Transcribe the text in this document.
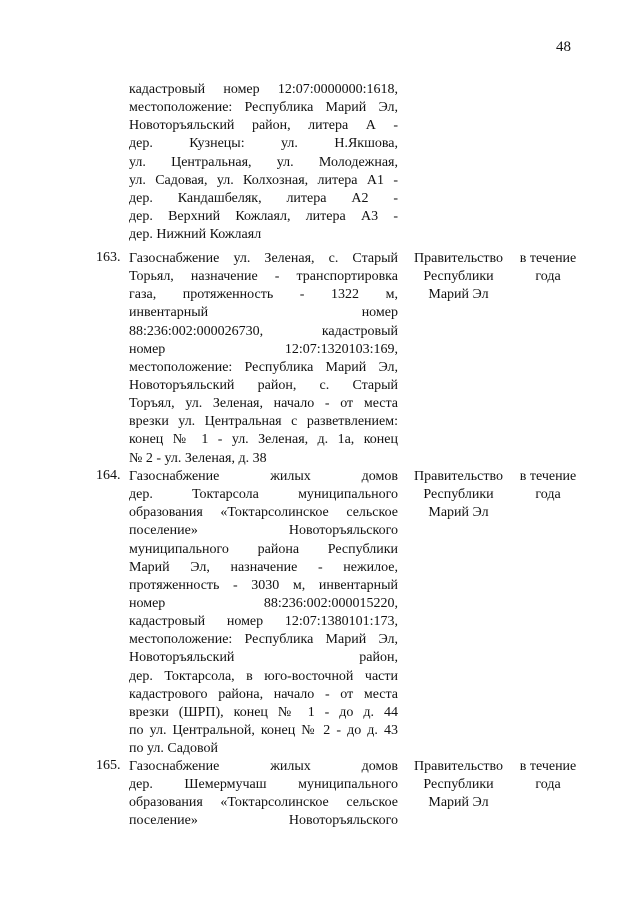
48
кадастровый номер 12:07:0000000:1618,
местоположение: Республика Марий Эл,
Новоторъяльский район, литера А -
дер. Кузнецы: ул. Н.Якшова,
ул. Центральная, ул. Молодежная,
ул. Садовая, ул. Колхозная, литера А1 -
дер. Кандашбеляк, литера А2 -
дер. Верхний Кожлаял, литера А3 -
дер. Нижний Кожлаял
163. Газоснабжение ул. Зеленая, с. Старый
Торьял, назначение - транспортировка
газа, протяженность - 1322 м,
инвентарный номер
88:236:002:000026730, кадастровый
номер 12:07:1320103:169,
местоположение: Республика Марий Эл,
Новоторъяльский район, с. Старый
Торъял, ул. Зеленая, начало - от места
врезки ул. Центральная с разветвлением:
конец № 1 - ул. Зеленая, д. 1а, конец
№ 2 - ул. Зеленая, д. 38
Правительство
Республики
Марий Эл
в течение
года
164. Газоснабжение жилых домов
дер. Токтарсола муниципального
образования «Токтарсолинское сельское
поселение» Новоторъяльского
муниципального района Республики
Марий Эл, назначение - нежилое,
протяженность - 3030 м, инвентарный
номер 88:236:002:000015220,
кадастровый номер 12:07:1380101:173,
местоположение: Республика Марий Эл,
Новоторъяльский район,
дер. Токтарсола, в юго-восточной части
кадастрового района, начало - от места
врезки (ШРП), конец № 1 - до д. 44
по ул. Центральной, конец № 2 - до д. 43
по ул. Садовой
Правительство
Республики
Марий Эл
в течение
года
165. Газоснабжение жилых домов
дер. Шемермучаш муниципального
образования «Токтарсолинское сельское
поселение» Новоторъяльского
Правительство
Республики
Марий Эл
в течение
года
